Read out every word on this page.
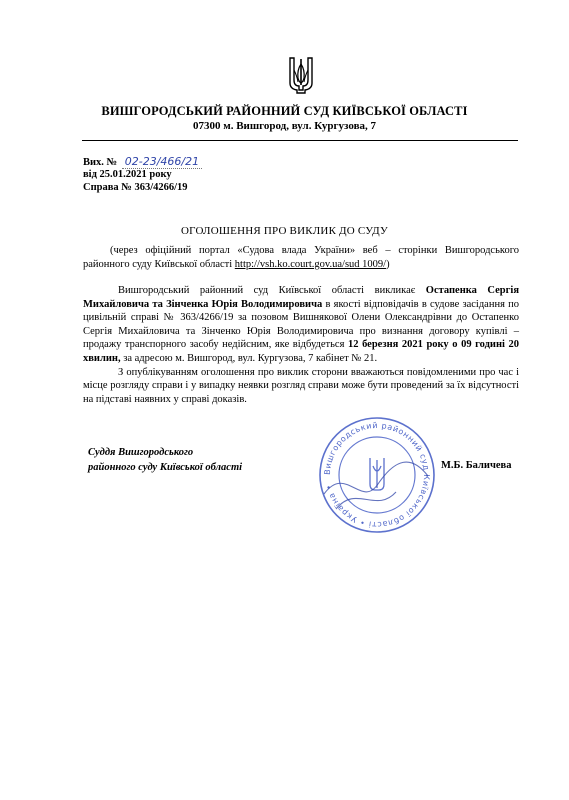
ВИШГОРОДСЬКИЙ РАЙОННИЙ СУД КИЇВСЬКОЇ ОБЛАСТІ
07300 м. Вишгород, вул. Кургузова, 7
Вих. № 02-23/466/21
від 25.01.2021 року
Справа № 363/4266/19
ОГОЛОШЕННЯ ПРО ВИКЛИК ДО СУДУ
(через офіційний портал «Судова влада України» веб – сторінки Вишгородського районного суду Київської області http://vsh.ko.court.gov.ua/sud 1009/)

Вишгородський районний суд Київської області викликає Остапенка Сергія Михайловича та Зінченка Юрія Володимировича в якості відповідачів в судове засідання по цивільній справі № 363/4266/19 за позовом Вишнякової Олени Олександрівни до Остапенко Сергія Михайловича та Зінченко Юрія Володимировича про визнання договору купівлі – продажу транспорного засобу недійсним, яке відбудеться 12 березня 2021 року о 09 годині 20 хвилин, за адресою м. Вишгород, вул. Кургузова, 7 кабінет № 21.

З опублікуванням оголошення про виклик сторони вважаються повідомленими про час і місце розгляду справи і у випадку неявки розгляд справи може бути проведений за їх відсутності на підставі наявних у справі доказів.

Суддя Вишгородського
районного суду Київської області	Вишгородський районний суд Київської області • Україна •
М.Б. Баличева
